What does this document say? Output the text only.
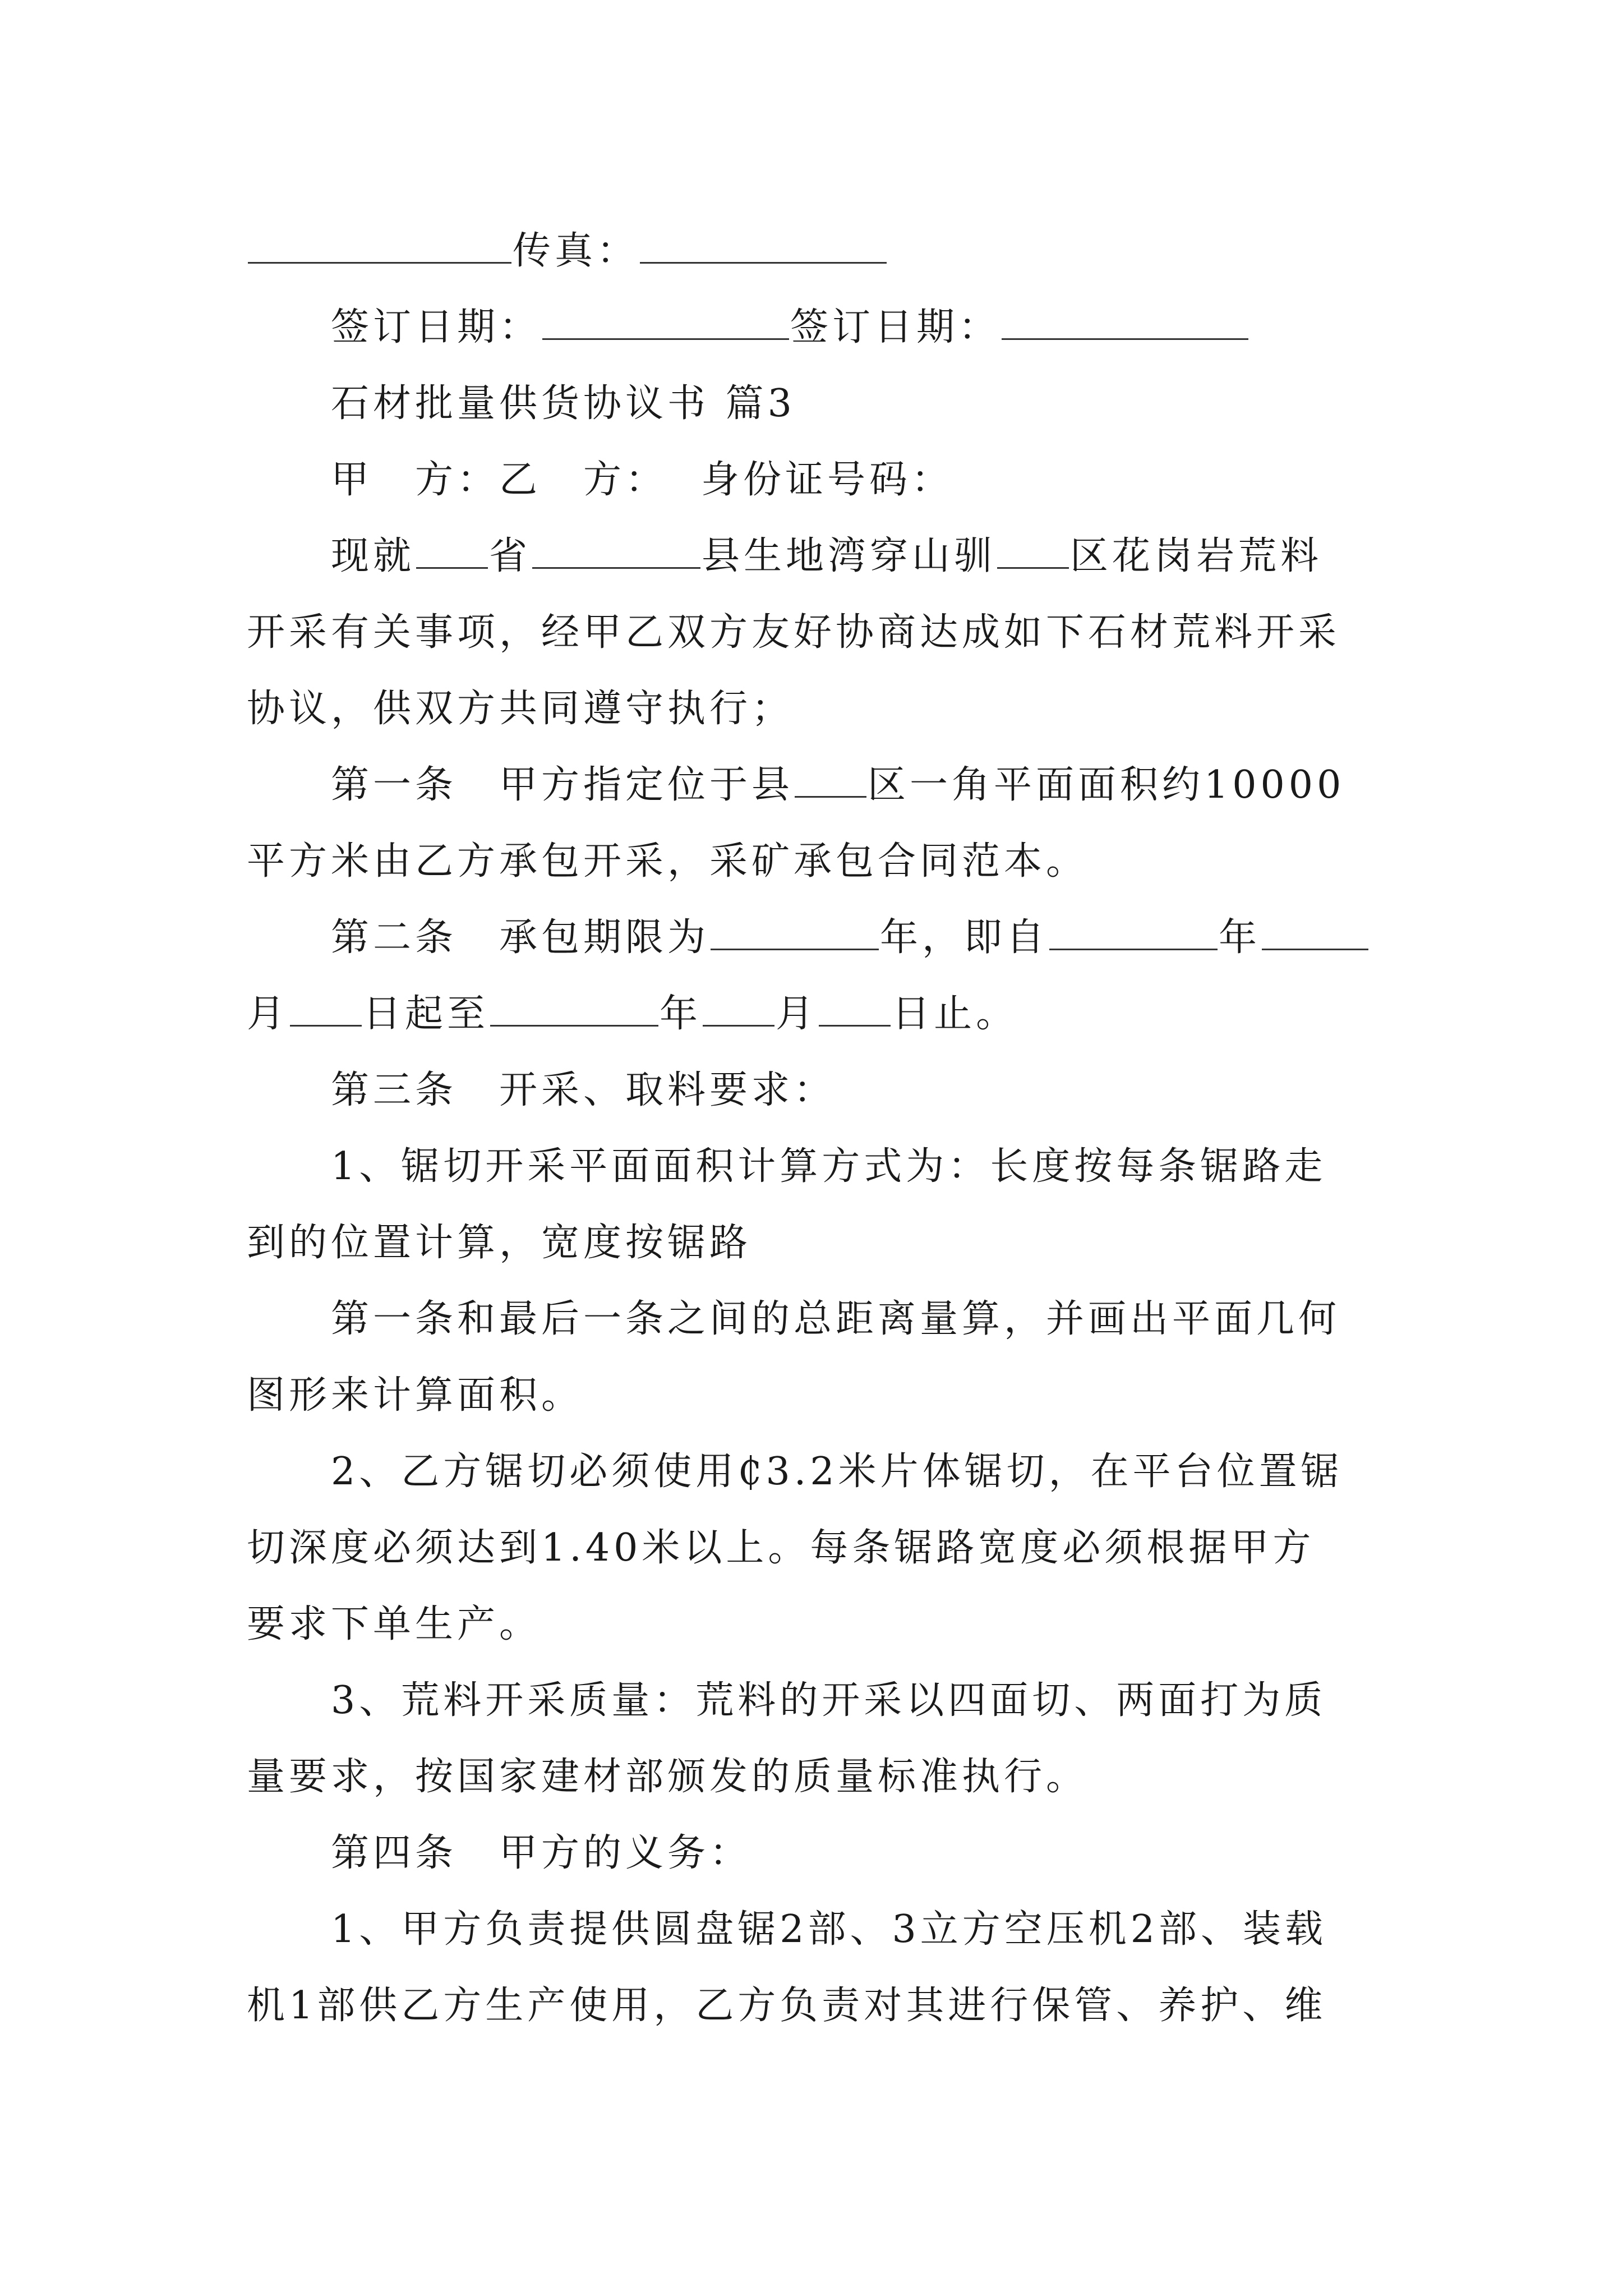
传真：
签订日期：	签订日期：
石材批量供货协议书 篇3
甲　方：乙　方： 身份证号码：
现就 省	县生地湾穿山驯 区花岗岩荒料
开采有关事项，经甲乙双方友好协商达成如下石材荒料开采
协议，供双方共同遵守执行；
第一条　甲方指定位于县 区一角平面面积约10000
平方米由乙方承包开采，采矿承包合同范本。
第二条　承包期限为	年，即自	年
月 日起至	年 月 日止。
第三条　开采、取料要求：
1、锯切开采平面面积计算方式为：长度按每条锯路走
到的位置计算，宽度按锯路
第一条和最后一条之间的总距离量算，并画出平面几何
图形来计算面积。
2、乙方锯切必须使用₵3.2米片体锯切，在平台位置锯
切深度必须达到1.40米以上。每条锯路宽度必须根据甲方
要求下单生产。
3、荒料开采质量：荒料的开采以四面切、两面打为质
量要求，按国家建材部颁发的质量标准执行。
第四条　甲方的义务：
1、甲方负责提供圆盘锯2部、3立方空压机2部、装载
机1部供乙方生产使用，乙方负责对其进行保管、养护、维
